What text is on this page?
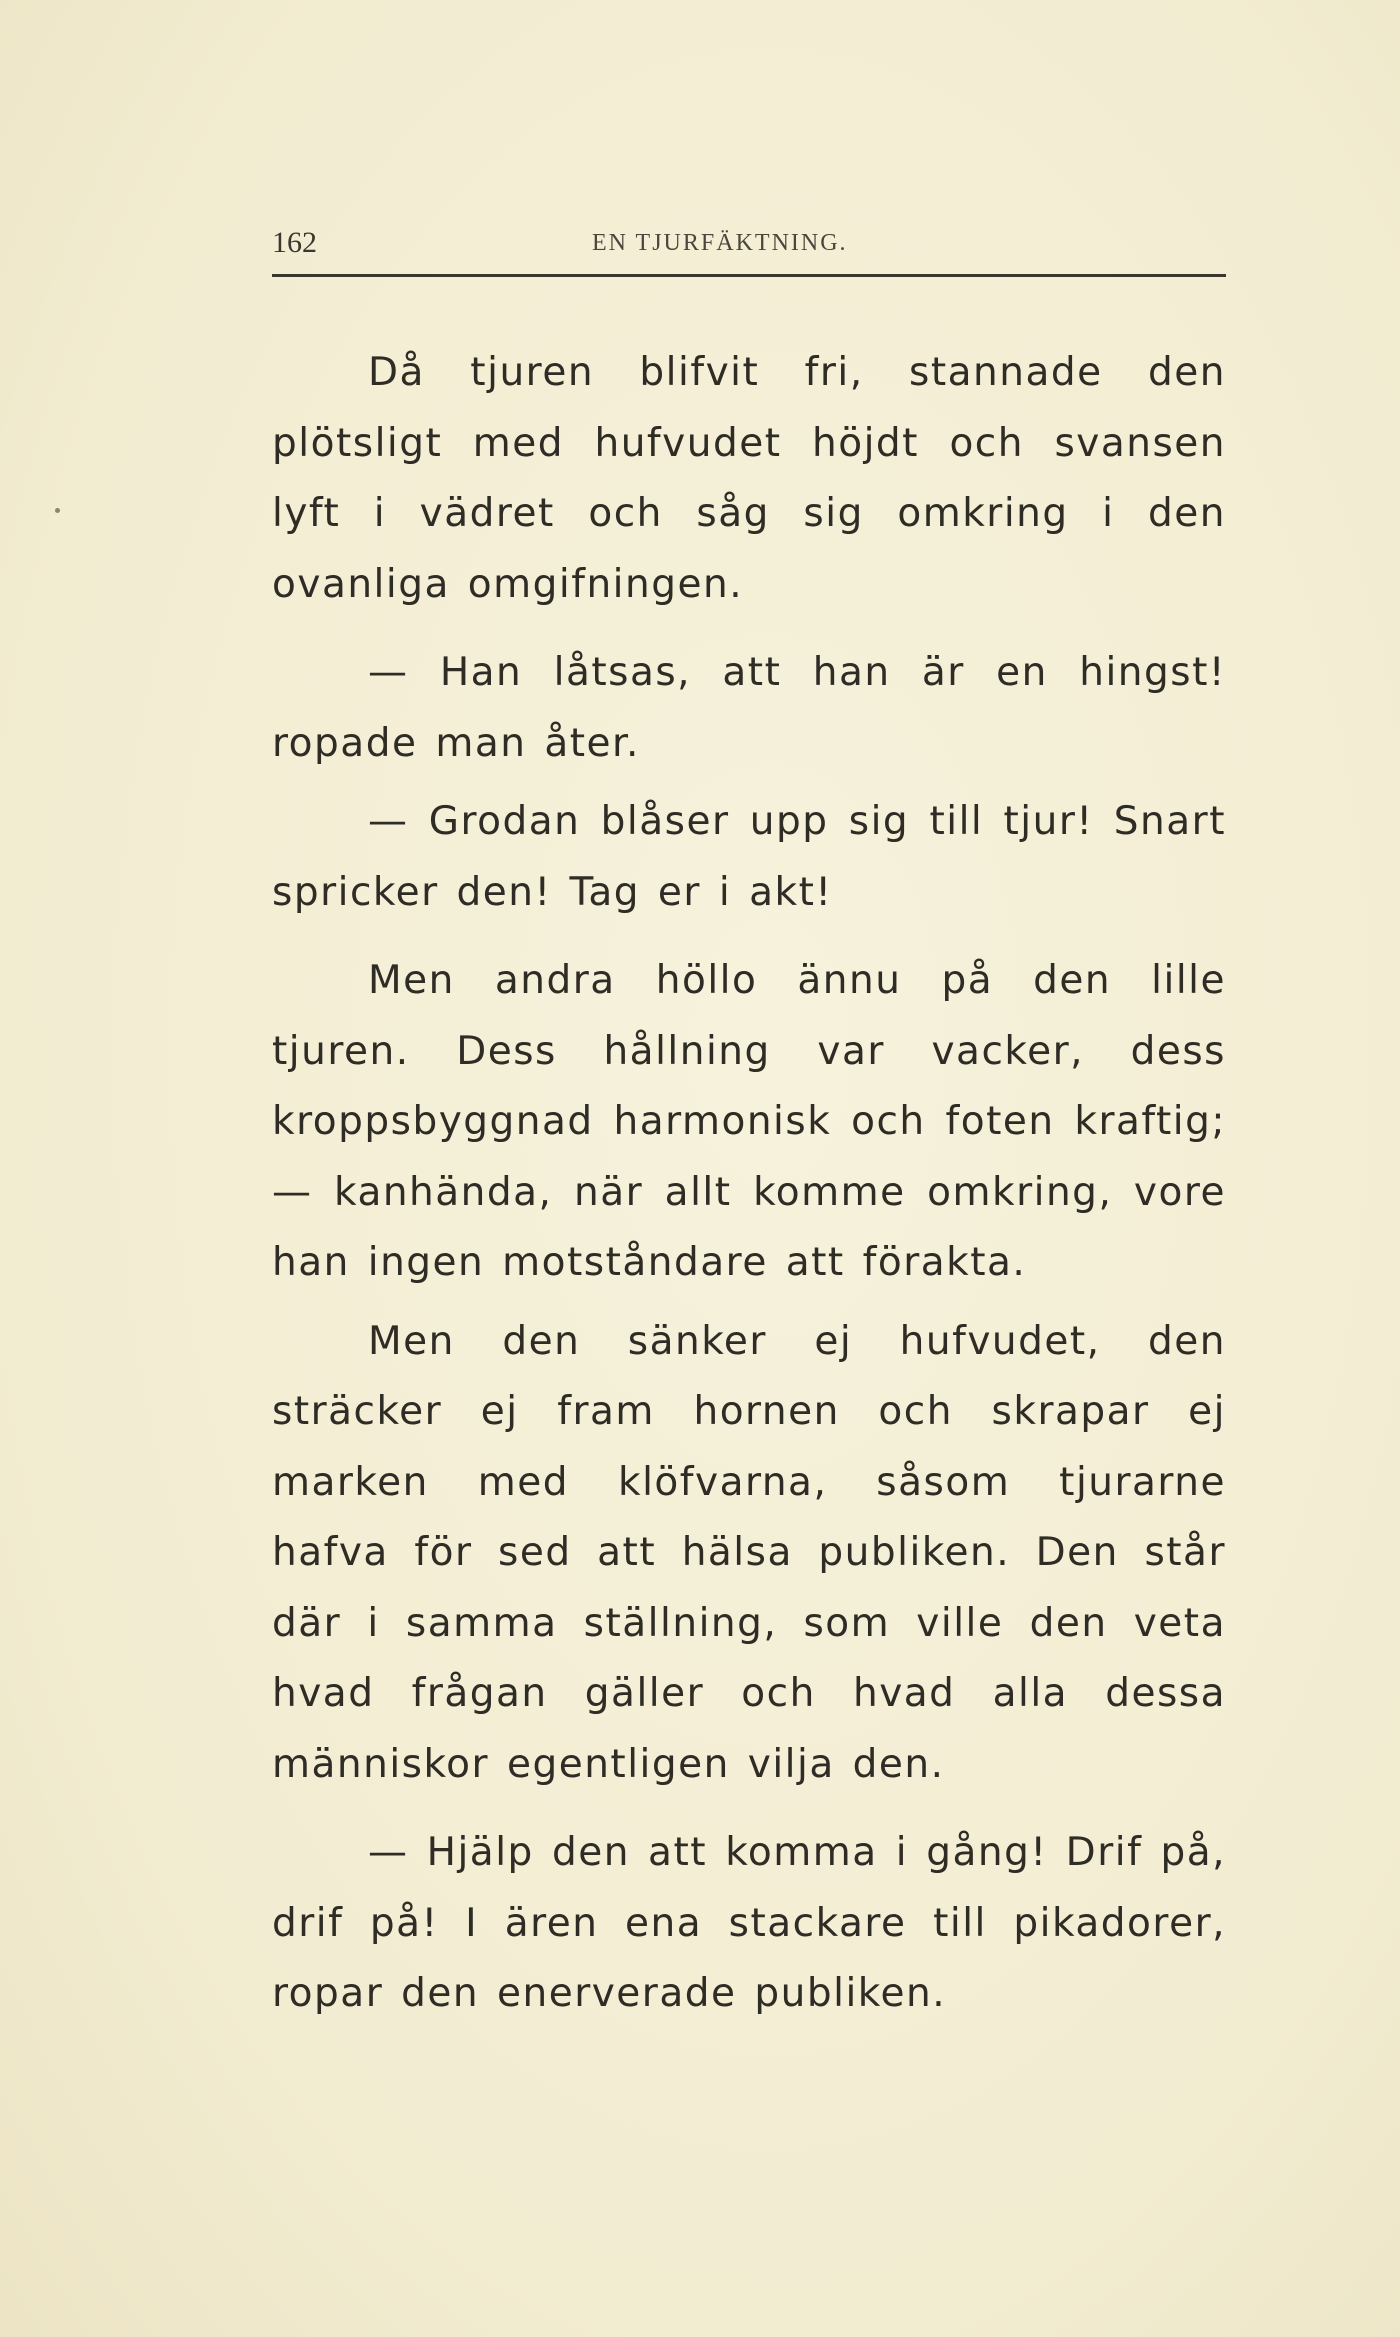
162	EN TJURFÄKTNING.

Då tjuren blifvit fri, stannade den plötsligt med hufvudet höjdt och svansen lyft i vädret och såg sig omkring i den ovanliga omgifningen.

— Han låtsas, att han är en hingst! ropade man åter.

— Grodan blåser upp sig till tjur! Snart spricker den! Tag er i akt!

Men andra höllo ännu på den lille tjuren. Dess hållning var vacker, dess kroppsbyggnad harmonisk och foten kraftig; — kanhända, när allt komme omkring, vore han ingen motståndare att förakta.

Men den sänker ej hufvudet, den sträcker ej fram hornen och skrapar ej marken med klöfvarna, såsom tjurarne hafva för sed att hälsa publiken. Den står där i samma ställning, som ville den veta hvad frågan gäller och hvad alla dessa människor egentligen vilja den.

— Hjälp den att komma i gång! Drif på, drif på! I ären ena stackare till pikadorer, ropar den enerverade publiken.
